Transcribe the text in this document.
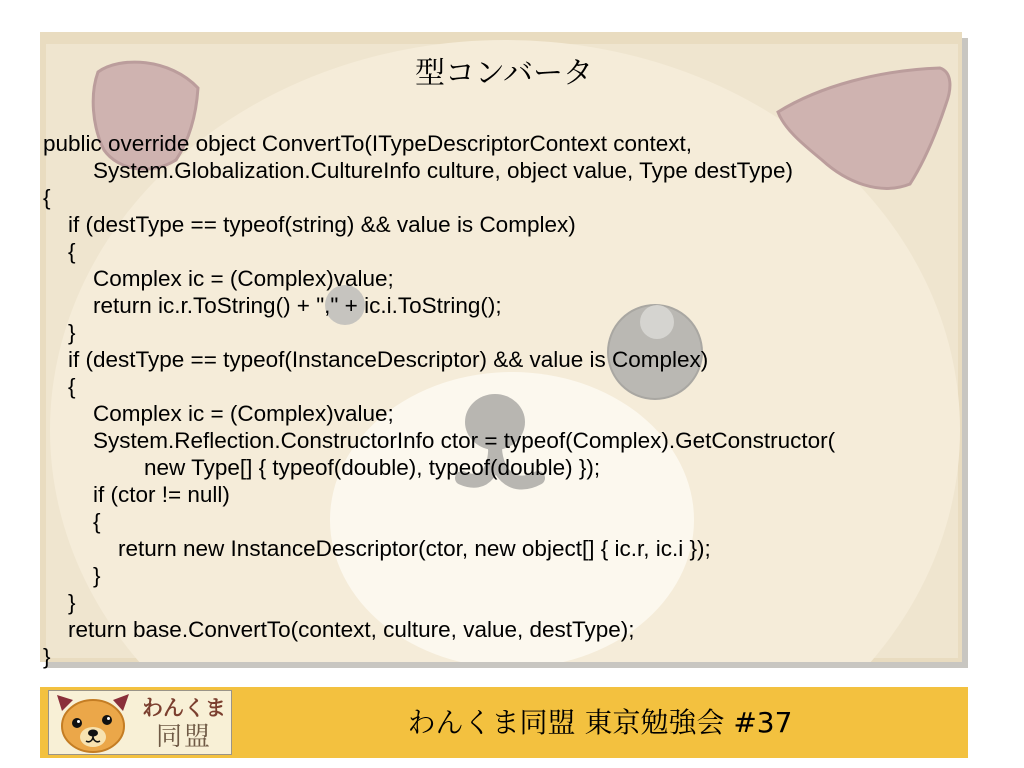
型コンバータ
public override object ConvertTo(ITypeDescriptorContext context,
System.Globalization.CultureInfo culture, object value, Type destType)
{
if (destType == typeof(string) && value is Complex)
{
Complex ic = (Complex)value;
return ic.r.ToString() + "," + ic.i.ToString();
}
if (destType == typeof(InstanceDescriptor) && value is Complex)
{
Complex ic = (Complex)value;
System.Reflection.ConstructorInfo ctor = typeof(Complex).GetConstructor(
new Type[] { typeof(double), typeof(double) });
if (ctor != null)
{
return new InstanceDescriptor(ctor, new object[] { ic.r, ic.i });
}
}
return base.ConvertTo(context, culture, value, destType);
}
わんくま
同盟	わんくま同盟 東京勉強会 #37
